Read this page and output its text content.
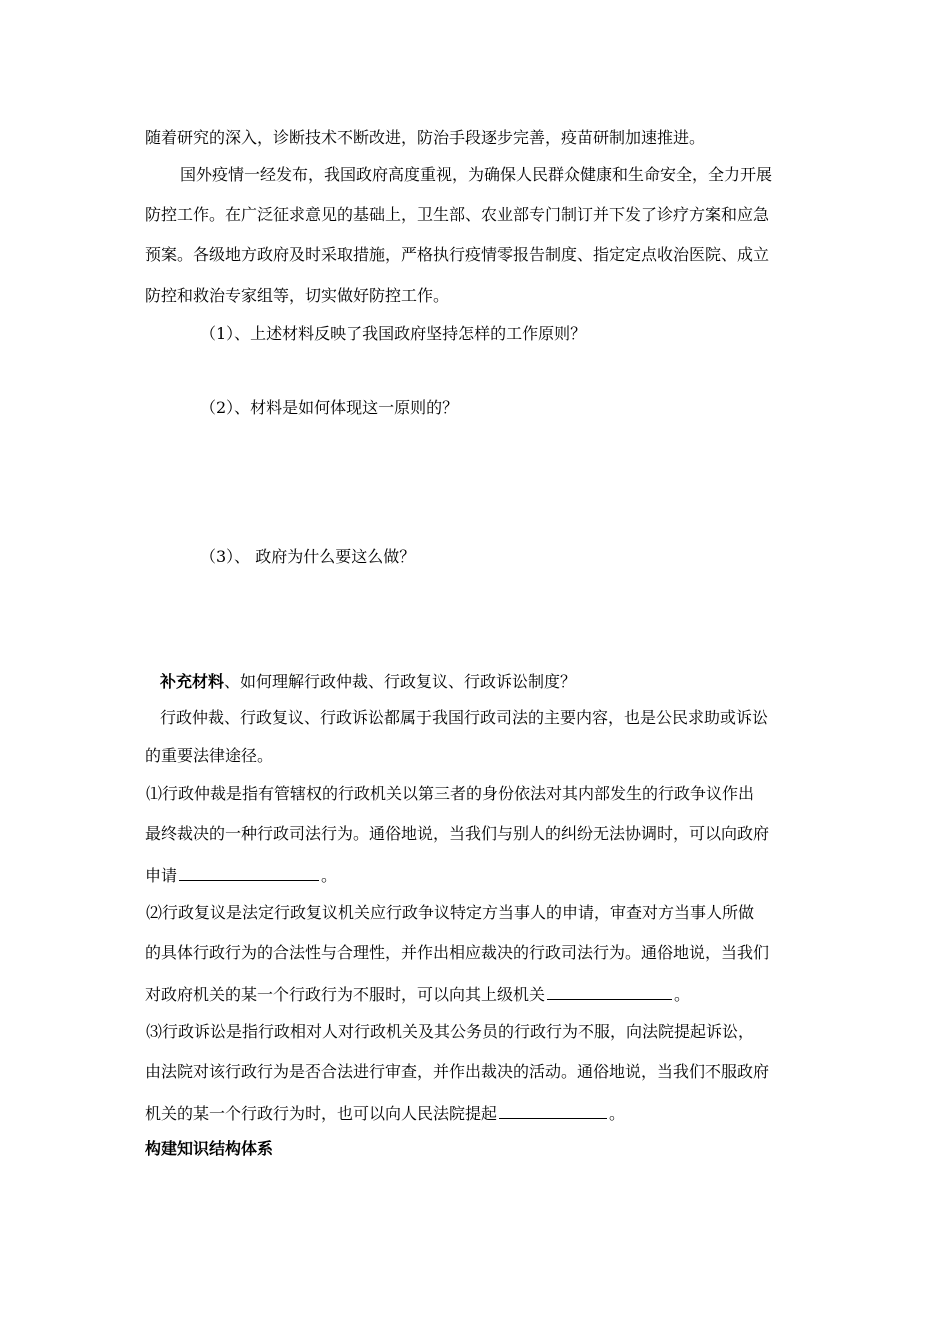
随着研究的深入，诊断技术不断改进，防治手段逐步完善，疫苗研制加速推进。
国外疫情一经发布，我国政府高度重视，为确保人民群众健康和生命安全，全力开展
防控工作。在广泛征求意见的基础上，卫生部、农业部专门制订并下发了诊疗方案和应急
预案。各级地方政府及时采取措施，严格执行疫情零报告制度、指定定点收治医院、成立
防控和救治专家组等，切实做好防控工作。
（1）、上述材料反映了我国政府坚持怎样的工作原则？
（2）、材料是如何体现这一原则的？
（3）、 政府为什么要这么做？
补充材料、如何理解行政仲裁、行政复议、行政诉讼制度？
行政仲裁、行政复议、行政诉讼都属于我国行政司法的主要内容，也是公民求助或诉讼
的重要法律途径。
⑴行政仲裁是指有管辖权的行政机关以第三者的身份依法对其内部发生的行政争议作出
最终裁决的一种行政司法行为。通俗地说，当我们与别人的纠纷无法协调时，可以向政府
申请	。
⑵行政复议是法定行政复议机关应行政争议特定方当事人的申请，审查对方当事人所做
的具体行政行为的合法性与合理性，并作出相应裁决的行政司法行为。通俗地说，当我们
对政府机关的某一个行政行为不服时，可以向其上级机关	。
⑶行政诉讼是指行政相对人对行政机关及其公务员的行政行为不服，向法院提起诉讼，
由法院对该行政行为是否合法进行审查，并作出裁决的活动。通俗地说，当我们不服政府
机关的某一个行政行为时，也可以向人民法院提起	。
构建知识结构体系
